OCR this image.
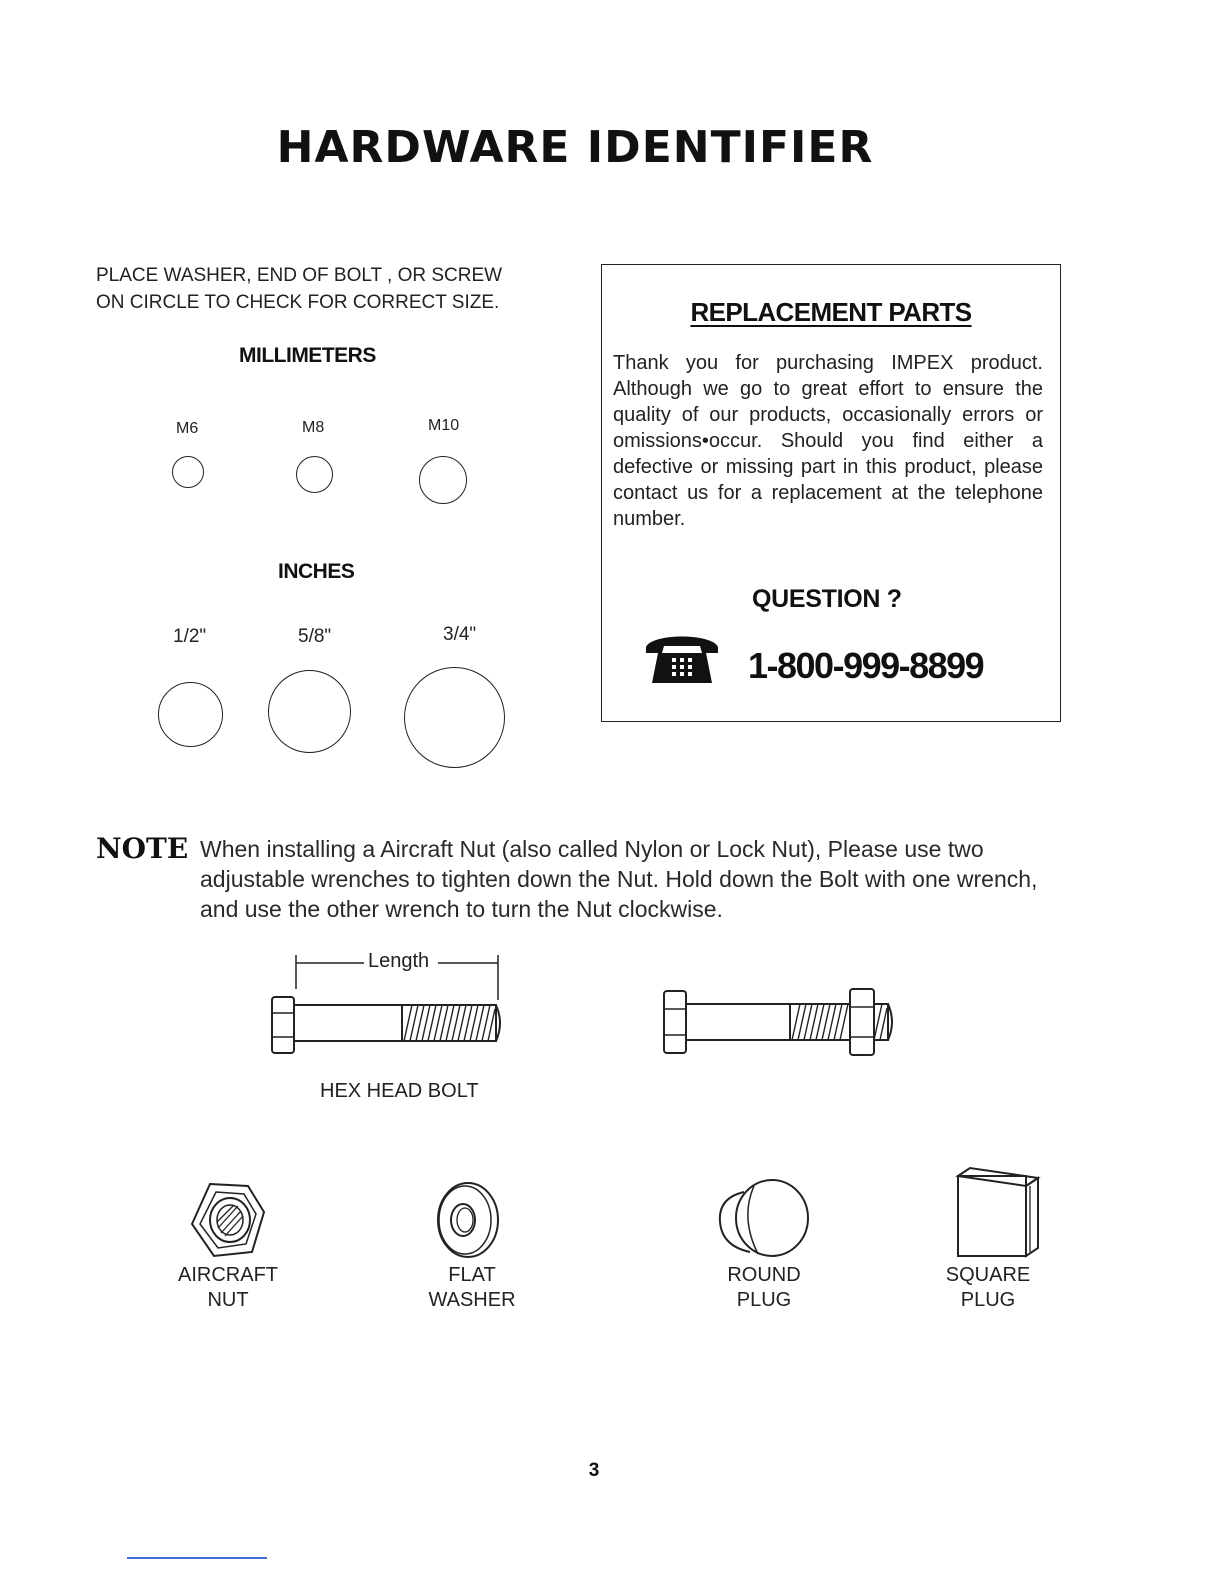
HARDWARE IDENTIFIER
PLACE WASHER, END OF BOLT , OR SCREW
ON CIRCLE TO CHECK FOR CORRECT SIZE.
MILLIMETERS
M6	M8	M10
INCHES
1/2"	5/8"	3/4"
REPLACEMENT PARTS
Thank you for purchasing IMPEX product. Although we go to great effort to ensure the quality of our products, occasionally errors or omissions•occur. Should you find either a defective or missing part in this product, please contact us for a replacement at the telephone number.
QUESTION ?
1-800-999-8899
NOTE When installing a Aircraft Nut (also called Nylon or Lock Nut), Please use two adjustable wrenches to tighten down the Nut. Hold down the Bolt with one wrench, and use the other wrench to turn the Nut clockwise.
Length
HEX HEAD BOLT
AIRCRAFT
NUT
FLAT
WASHER
ROUND
PLUG
SQUARE
PLUG
3
